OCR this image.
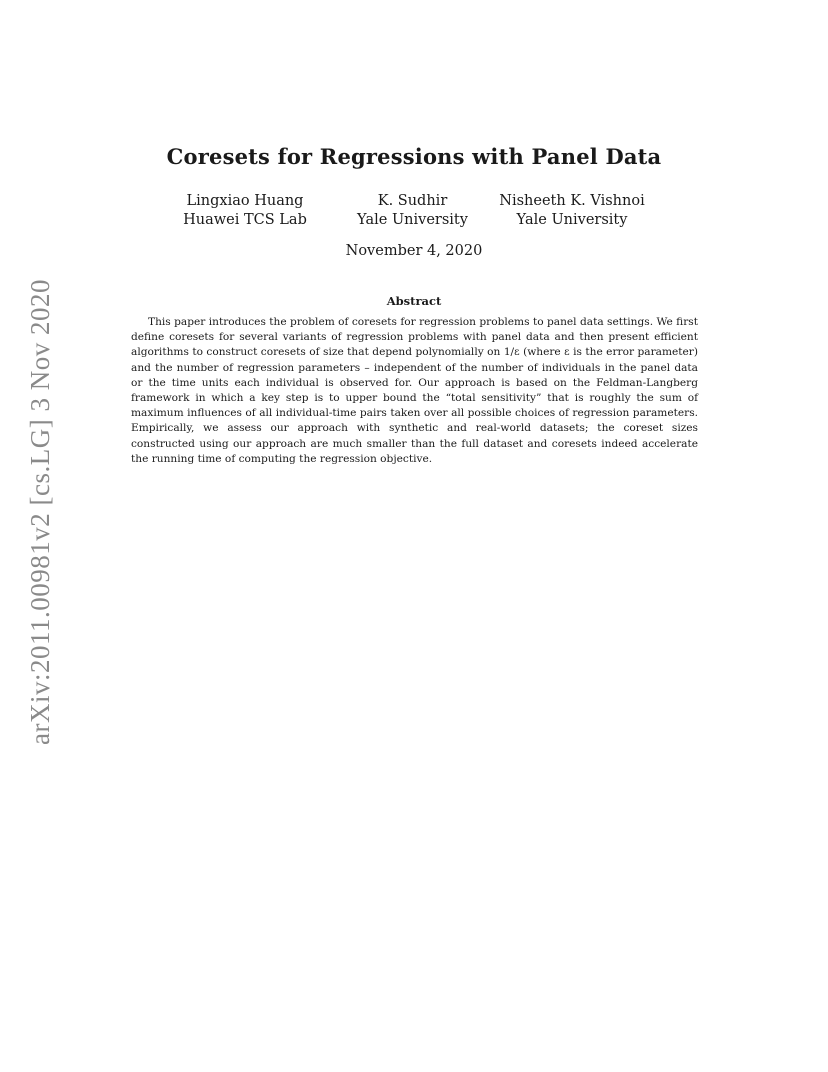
arXiv:2011.00981v2 [cs.LG] 3 Nov 2020
Coresets for Regressions with Panel Data
Lingxiao Huang
Huawei TCS Lab
K. Sudhir
Yale University
Nisheeth K. Vishnoi
Yale University
November 4, 2020
Abstract

This paper introduces the problem of coresets for regression problems to panel data settings. We first define coresets for several variants of regression problems with panel data and then present efficient algorithms to construct coresets of size that depend polynomially on 1/ε (where ε is the error parameter) and the number of regression parameters – independent of the number of individuals in the panel data or the time units each individual is observed for. Our approach is based on the Feldman-Langberg framework in which a key step is to upper bound the “total sensitivity” that is roughly the sum of maximum influences of all individual-time pairs taken over all possible choices of regression parameters. Empirically, we assess our approach with synthetic and real-world datasets; the coreset sizes constructed using our approach are much smaller than the full dataset and coresets indeed accelerate the running time of computing the regression objective.
